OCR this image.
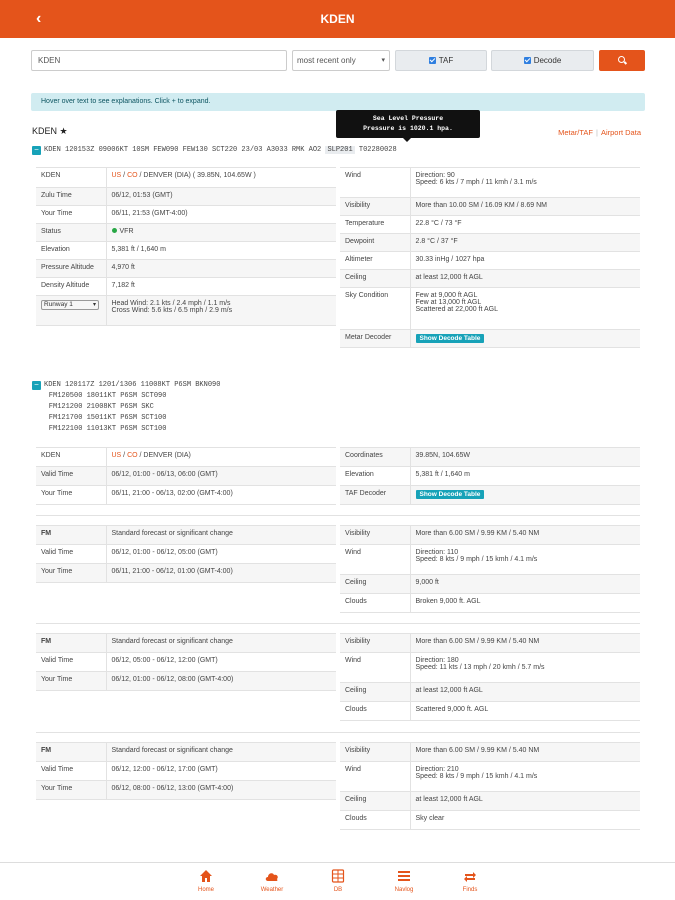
‹	KDEN
KDEN
most recent only	▾	TAF	Decode
Hover over text to see explanations. Click + to expand.
KDEN ★	Metar/TAF | Airport Data
− KDEN 120153Z 09006KT 10SM FEW090 FEW130 SCT220 23/03 A3033 RMK AO2 SLP201 T02280028
Sea Level Pressure
Pressure is 1020.1 hpa.
KDEN	US / CO / DENVER (DIA) ( 39.85N, 104.65W )
Zulu Time	06/12, 01:53 (GMT)
Your Time	06/11, 21:53 (GMT-4:00)
Status	VFR
Elevation	5,381 ft / 1,640 m
Pressure Altitude	4,970 ft
Density Altitude	7,182 ft
Runway 1 ▾	Head Wind: 2.1 kts / 2.4 mph / 1.1 m/s
Cross Wind: 5.6 kts / 6.5 mph / 2.9 m/s
Wind	Direction: 90
Speed: 6 kts / 7 mph / 11 kmh / 3.1 m/s

Visibility	More than 10.00 SM / 16.09 KM / 8.69 NM
Temperature	22.8 °C / 73 °F
Dewpoint	2.8 °C / 37 °F
Altimeter	30.33 inHg / 1027 hpa
Ceiling	at least 12,000 ft AGL
Sky Condition	Few at 9,000 ft AGL
Few at 13,000 ft AGL
Scattered at 22,000 ft AGL

Metar Decoder	Show Decode Table
− KDEN 120117Z 1201/1306 11008KT P6SM BKN090
FM120500 18011KT P6SM SCT090
FM121200 21008KT P6SM SKC
FM121700 15011KT P6SM SCT100
FM122100 11013KT P6SM SCT100
KDEN	US / CO / DENVER (DIA)
Valid Time	06/12, 01:00 - 06/13, 06:00 (GMT)
Your Time	06/11, 21:00 - 06/13, 02:00 (GMT-4:00)
Coordinates	39.85N, 104.65W
Elevation	5,381 ft / 1,640 m
TAF Decoder	Show Decode Table
FM	Standard forecast or significant change
Valid Time	06/12, 01:00 - 06/12, 05:00 (GMT)
Your Time	06/11, 21:00 - 06/12, 01:00 (GMT-4:00)
Visibility	More than 6.00 SM / 9.99 KM / 5.40 NM
Wind	Direction: 110
Speed: 8 kts / 9 mph / 15 kmh / 4.1 m/s

Ceiling	9,000 ft
Clouds	Broken 9,000 ft. AGL
FM	Standard forecast or significant change
Valid Time	06/12, 05:00 - 06/12, 12:00 (GMT)
Your Time	06/12, 01:00 - 06/12, 08:00 (GMT-4:00)
Visibility	More than 6.00 SM / 9.99 KM / 5.40 NM
Wind	Direction: 180
Speed: 11 kts / 13 mph / 20 kmh / 5.7 m/s

Ceiling	at least 12,000 ft AGL
Clouds	Scattered 9,000 ft. AGL
FM	Standard forecast or significant change
Valid Time	06/12, 12:00 - 06/12, 17:00 (GMT)
Your Time	06/12, 08:00 - 06/12, 13:00 (GMT-4:00)
Visibility	More than 6.00 SM / 9.99 KM / 5.40 NM
Wind	Direction: 210
Speed: 8 kts / 9 mph / 15 kmh / 4.1 m/s

Ceiling	at least 12,000 ft AGL
Clouds	Sky clear
Home	Weather	DB	Navlog	Finds
